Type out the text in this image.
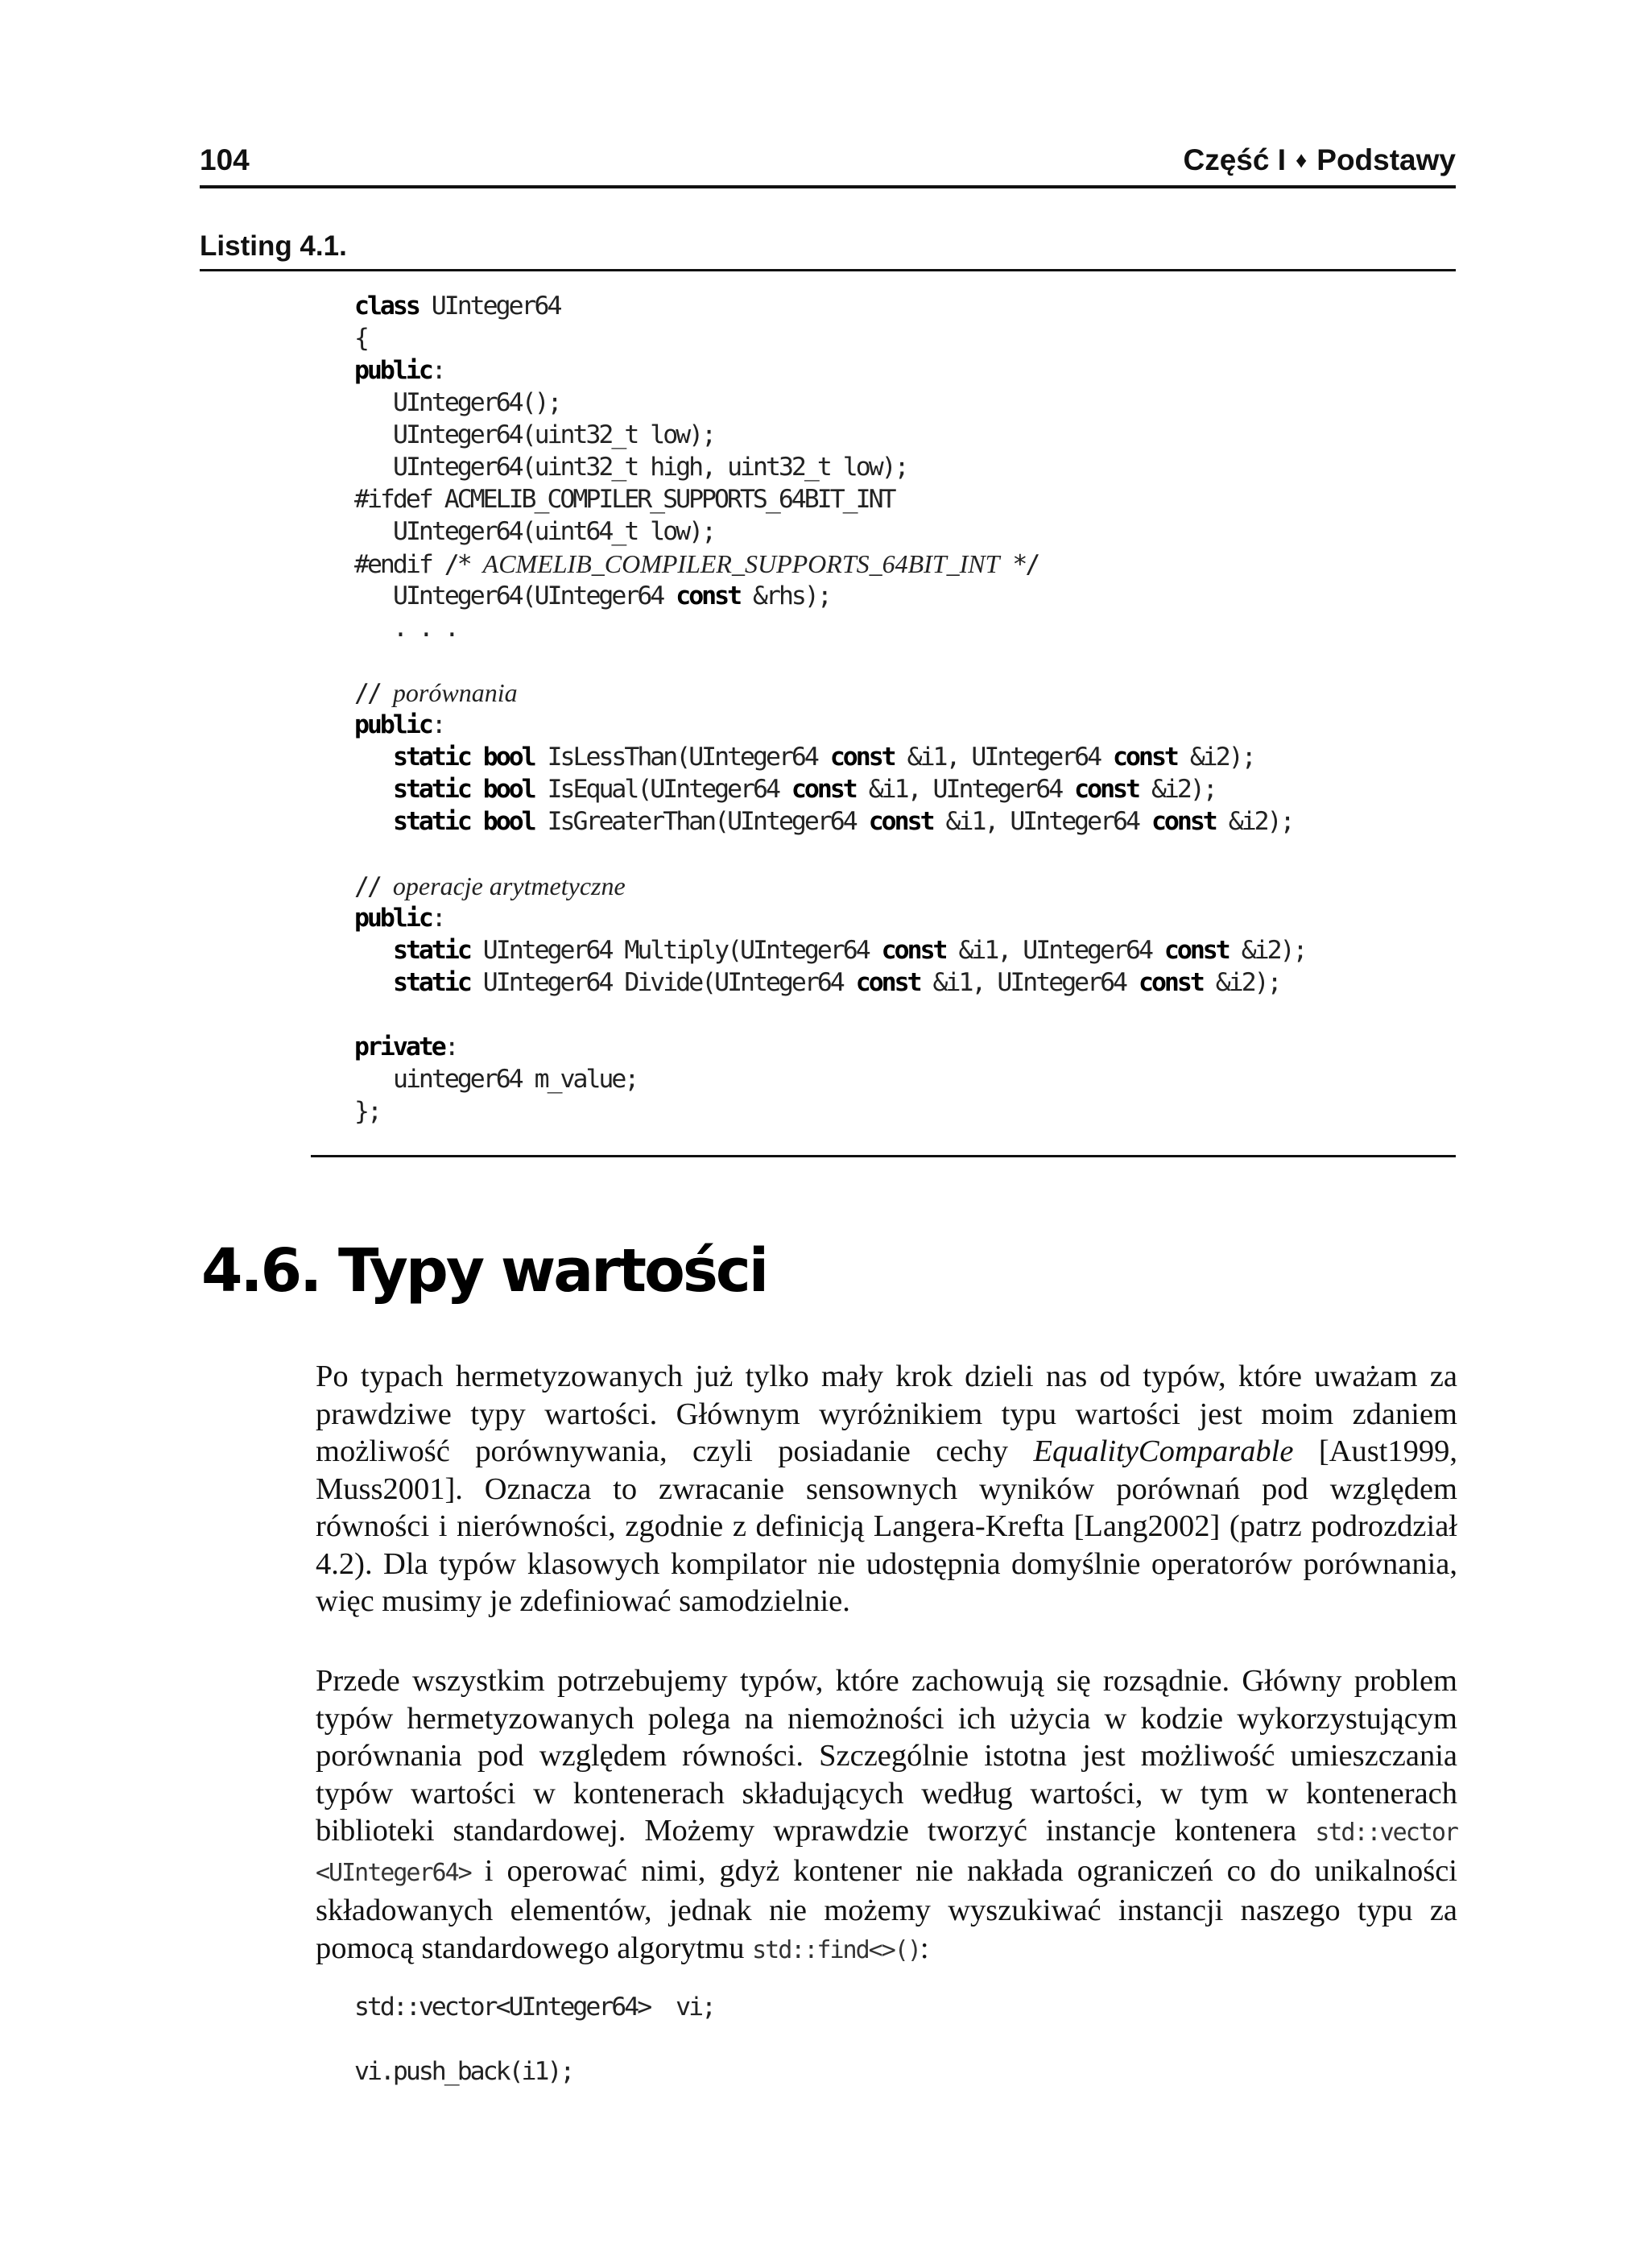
104	Część I ♦ Podstawy
Listing 4.1.
class UInteger64
{
public:
UInteger64();
UInteger64(uint32_t low);
UInteger64(uint32_t high, uint32_t low);
#ifdef ACMELIB_COMPILER_SUPPORTS_64BIT_INT
UInteger64(uint64_t low);
#endif /* ACMELIB_COMPILER_SUPPORTS_64BIT_INT */
UInteger64(UInteger64 const &rhs);
. . .

// porównania
public:
static bool IsLessThan(UInteger64 const &i1, UInteger64 const &i2);
static bool IsEqual(UInteger64 const &i1, UInteger64 const &i2);
static bool IsGreaterThan(UInteger64 const &i1, UInteger64 const &i2);

// operacje arytmetyczne
public:
static UInteger64 Multiply(UInteger64 const &i1, UInteger64 const &i2);
static UInteger64 Divide(UInteger64 const &i1, UInteger64 const &i2);

private:
uinteger64 m_value;
};
4.6. Typy wartości
Po typach hermetyzowanych już tylko mały krok dzieli nas od typów, które uważam za prawdziwe typy wartości. Głównym wyróżnikiem typu wartości jest moim zdaniem możliwość porównywania, czyli posiadanie cechy EqualityComparable [Aust1999, Muss2001]. Oznacza to zwracanie sensownych wyników porównań pod względem równości i nierówności, zgodnie z definicją Langera-Krefta [Lang2002] (patrz podrozdział 4.2). Dla typów klasowych kompilator nie udostępnia domyślnie operatorów porównania, więc musimy je zdefiniować samodzielnie.
Przede wszystkim potrzebujemy typów, które zachowują się rozsądnie. Główny problem typów hermetyzowanych polega na niemożności ich użycia w kodzie wykorzystującym porównania pod względem równości. Szczególnie istotna jest możliwość umieszczania typów wartości w kontenerach składujących według wartości, w tym w kontenerach biblioteki standardowej. Możemy wprawdzie tworzyć instancje kontenera std::vector <UInteger64> i operować nimi, gdyż kontener nie nakłada ograniczeń co do unikalności składowanych elementów, jednak nie możemy wyszukiwać instancji naszego typu za pomocą standardowego algorytmu std::find<>():
std::vector<UInteger64>  vi;

vi.push_back(i1);
